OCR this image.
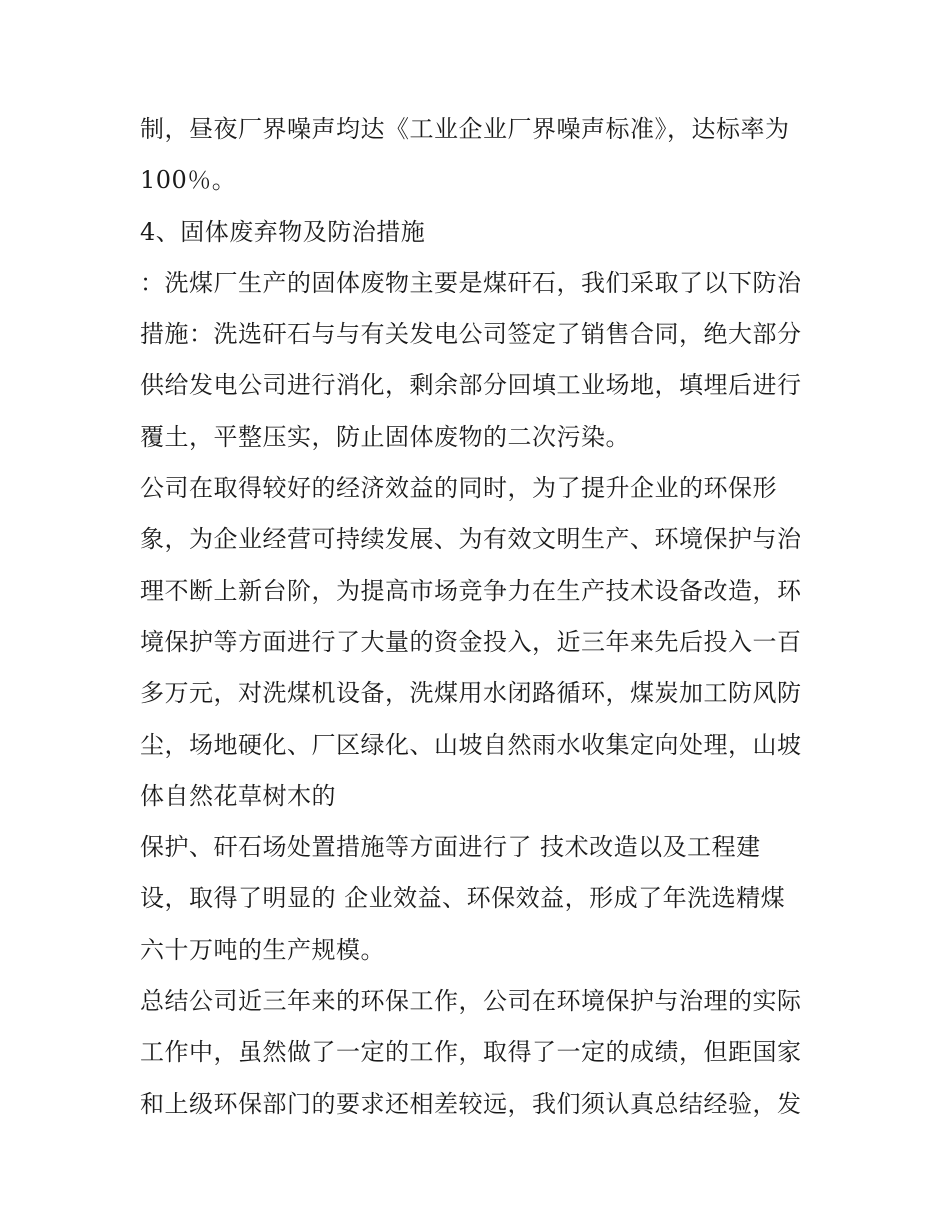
制，昼夜厂界噪声均达《工业企业厂界噪声标准》，达标率为
100％。
4、固体废弃物及防治措施
：洗煤厂生产的固体废物主要是煤矸石，我们采取了以下防治
措施：洗选矸石与与有关发电公司签定了销售合同，绝大部分
供给发电公司进行消化，剩余部分回填工业场地，填埋后进行
覆土，平整压实，防止固体废物的二次污染。
公司在取得较好的经济效益的同时，为了提升企业的环保形
象，为企业经营可持续发展、为有效文明生产、环境保护与治
理不断上新台阶，为提高市场竞争力在生产技术设备改造，环
境保护等方面进行了大量的资金投入，近三年来先后投入一百
多万元，对洗煤机设备，洗煤用水闭路循环，煤炭加工防风防
尘，场地硬化、厂区绿化、山坡自然雨水收集定向处理，山坡
体自然花草树木的
保护、矸石场处置措施等方面进行了 技术改造以及工程建
设，取得了明显的 企业效益、环保效益，形成了年洗选精煤
六十万吨的生产规模。
总结公司近三年来的环保工作，公司在环境保护与治理的实际
工作中，虽然做了一定的工作，取得了一定的成绩，但距国家
和上级环保部门的要求还相差较远，我们须认真总结经验，发
